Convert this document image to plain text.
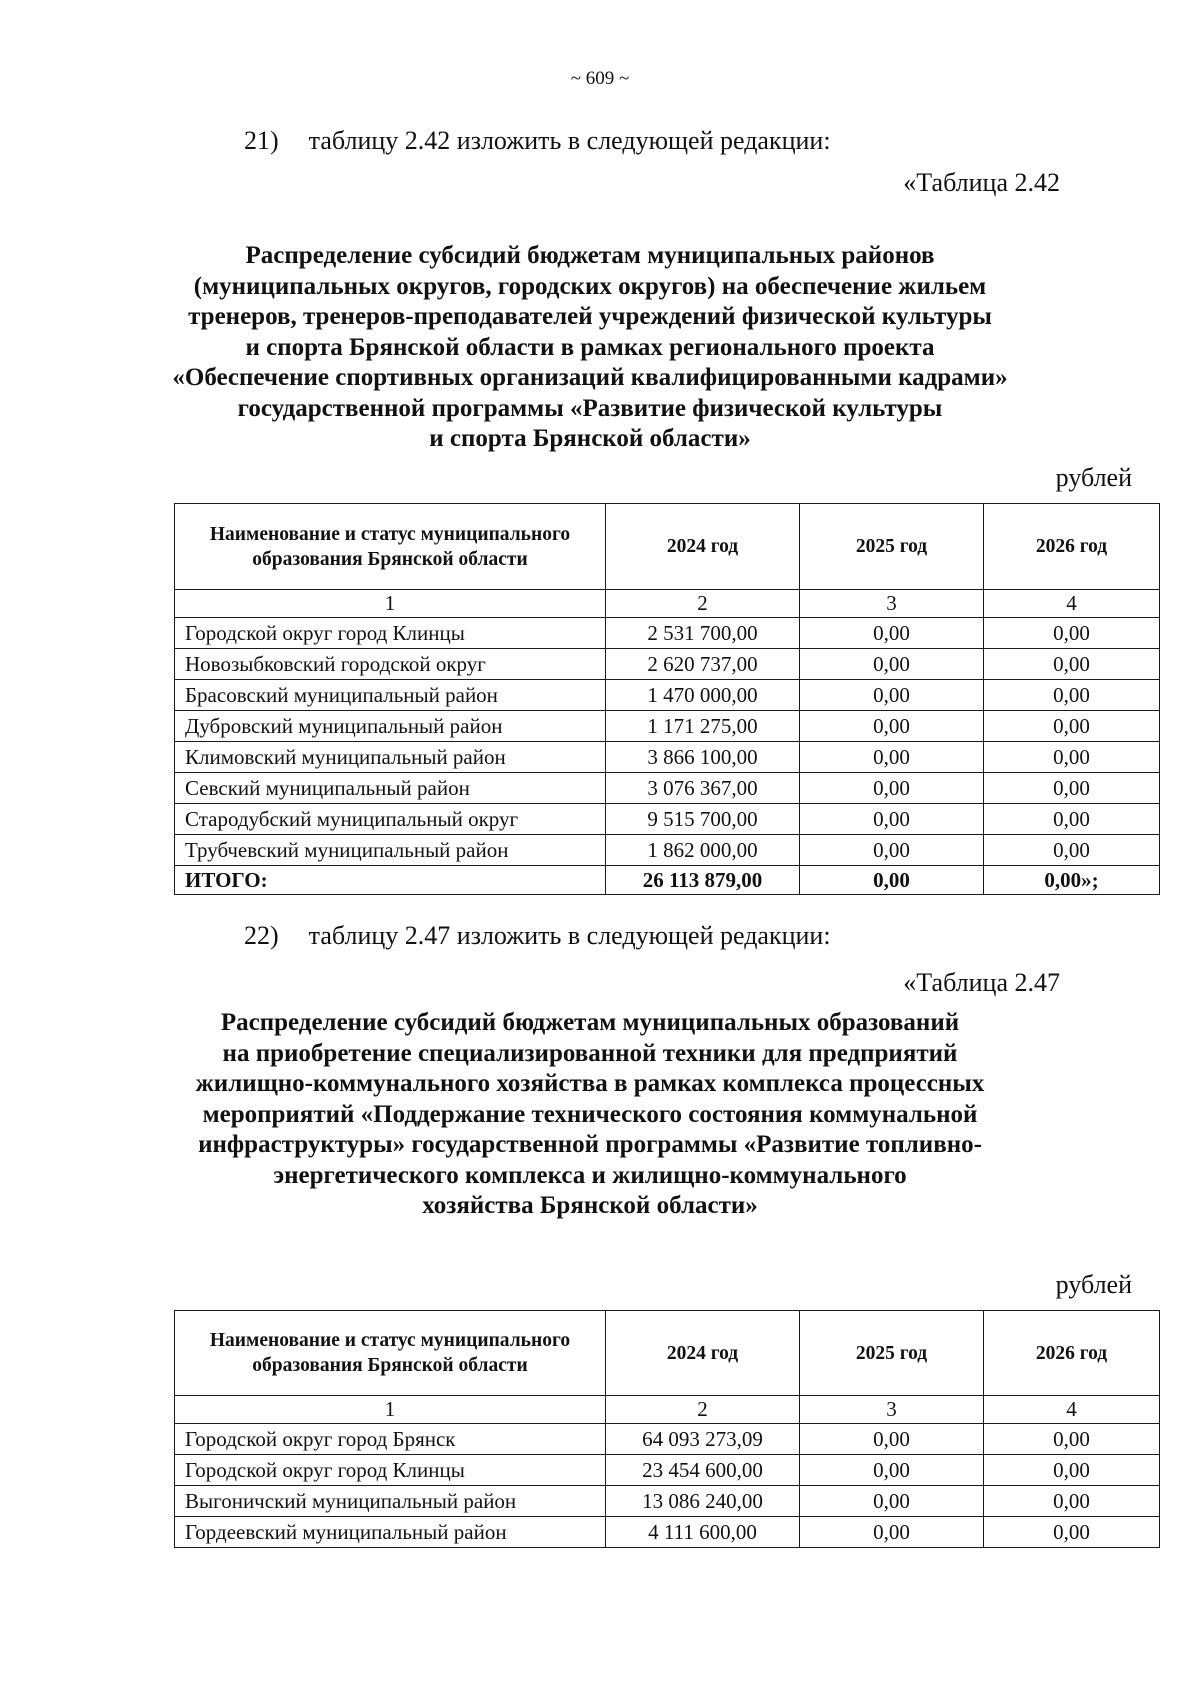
~ 609 ~
21) таблицу 2.42 изложить в следующей редакции:
«Таблица 2.42
Распределение субсидий бюджетам муниципальных районов
(муниципальных округов, городских округов) на обеспечение жильем
тренеров, тренеров-преподавателей учреждений физической культуры
и спорта Брянской области в рамках регионального проекта
«Обеспечение спортивных организаций квалифицированными кадрами»
государственной программы «Развитие физической культуры
и спорта Брянской области»
рублей
Наименование и статус муниципального образования Брянской области	2024 год	2025 год	2026 год
1	2	3	4
Городской округ город Клинцы	2 531 700,00	0,00	0,00
Новозыбковский городской округ	2 620 737,00	0,00	0,00
Брасовский муниципальный район	1 470 000,00	0,00	0,00
Дубровский муниципальный район	1 171 275,00	0,00	0,00
Климовский муниципальный район	3 866 100,00	0,00	0,00
Севский муниципальный район	3 076 367,00	0,00	0,00
Стародубский муниципальный округ	9 515 700,00	0,00	0,00
Трубчевский муниципальный район	1 862 000,00	0,00	0,00
ИТОГО:	26 113 879,00	0,00	0,00»;
22) таблицу 2.47 изложить в следующей редакции:
«Таблица 2.47
Распределение субсидий бюджетам муниципальных образований
на приобретение специализированной техники для предприятий
жилищно-коммунального хозяйства в рамках комплекса процессных
мероприятий «Поддержание технического состояния коммунальной
инфраструктуры» государственной программы «Развитие топливно-
энергетического комплекса и жилищно-коммунального
хозяйства Брянской области»
рублей
Наименование и статус муниципального образования Брянской области	2024 год	2025 год	2026 год
1	2	3	4
Городской округ город Брянск	64 093 273,09	0,00	0,00
Городской округ город Клинцы	23 454 600,00	0,00	0,00
Выгоничский муниципальный район	13 086 240,00	0,00	0,00
Гордеевский муниципальный район	4 111 600,00	0,00	0,00
